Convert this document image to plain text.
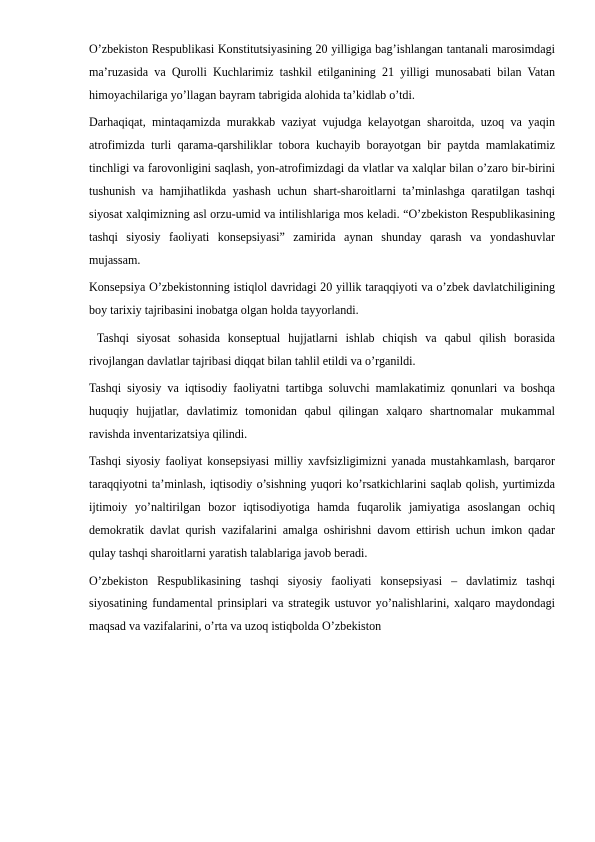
O’zbekiston Respublikasi Konstitutsiyasining 20 yilligiga bag’ishlangan tantanali marosimdagi ma’ruzasida va Qurolli Kuchlarimiz tashkil etilganining 21 yilligi munosabati bilan Vatan himoyachilariga yo’llagan bayram tabrigida alohida ta’kidlab o’tdi.

Darhaqiqat, mintaqamizda murakkab vaziyat vujudga kelayotgan sharoitda, uzoq va yaqin atrofimizda turli qarama-qarshiliklar tobora kuchayib borayotgan bir paytda mamlakatimiz tinchligi va farovonligini saqlash, yon-atrofimizdagi da vlatlar va xalqlar bilan o’zaro bir-birini tushunish va hamjihatlikda yashash uchun shart-sharoitlarni ta’minlashga qaratilgan tashqi siyosat xalqimizning asl orzu-umid va intilishlariga mos keladi. “O’zbekiston Respublikasining tashqi siyosiy faoliyati konsepsiyasi” zamirida aynan shunday qarash va yondashuvlar mujassam.

Konsepsiya O’zbekistonning istiqlol davridagi 20 yillik taraqqiyoti va o’zbek davlatchiligining boy tarixiy tajribasini inobatga olgan holda tayyorlandi.

Tashqi siyosat sohasida konseptual hujjatlarni ishlab chiqish va qabul qilish borasida rivojlangan davlatlar tajribasi diqqat bilan tahlil etildi va o’rganildi.

Tashqi siyosiy va iqtisodiy faoliyatni tartibga soluvchi mamlakatimiz qonunlari va boshqa huquqiy hujjatlar, davlatimiz tomonidan qabul qilingan xalqaro shartnomalar mukammal ravishda inventarizatsiya qilindi.

Tashqi siyosiy faoliyat konsepsiyasi milliy xavfsizligimizni yanada mustahkamlash, barqaror taraqqiyotni ta’minlash, iqtisodiy o’sishning yuqori ko’rsatkichlarini saqlab qolish, yurtimizda ijtimoiy yo’naltirilgan bozor iqtisodiyotiga hamda fuqarolik jamiyatiga asoslangan ochiq demokratik davlat qurish vazifalarini amalga oshirishni davom ettirish uchun imkon qadar qulay tashqi sharoitlarni yaratish talablariga javob beradi.

O’zbekiston Respublikasining tashqi siyosiy faoliyati konsepsiyasi – davlatimiz tashqi siyosatining fundamental prinsiplari va strategik ustuvor yo’nalishlarini, xalqaro maydondagi maqsad va vazifalarini, o’rta va uzoq istiqbolda O’zbekiston
